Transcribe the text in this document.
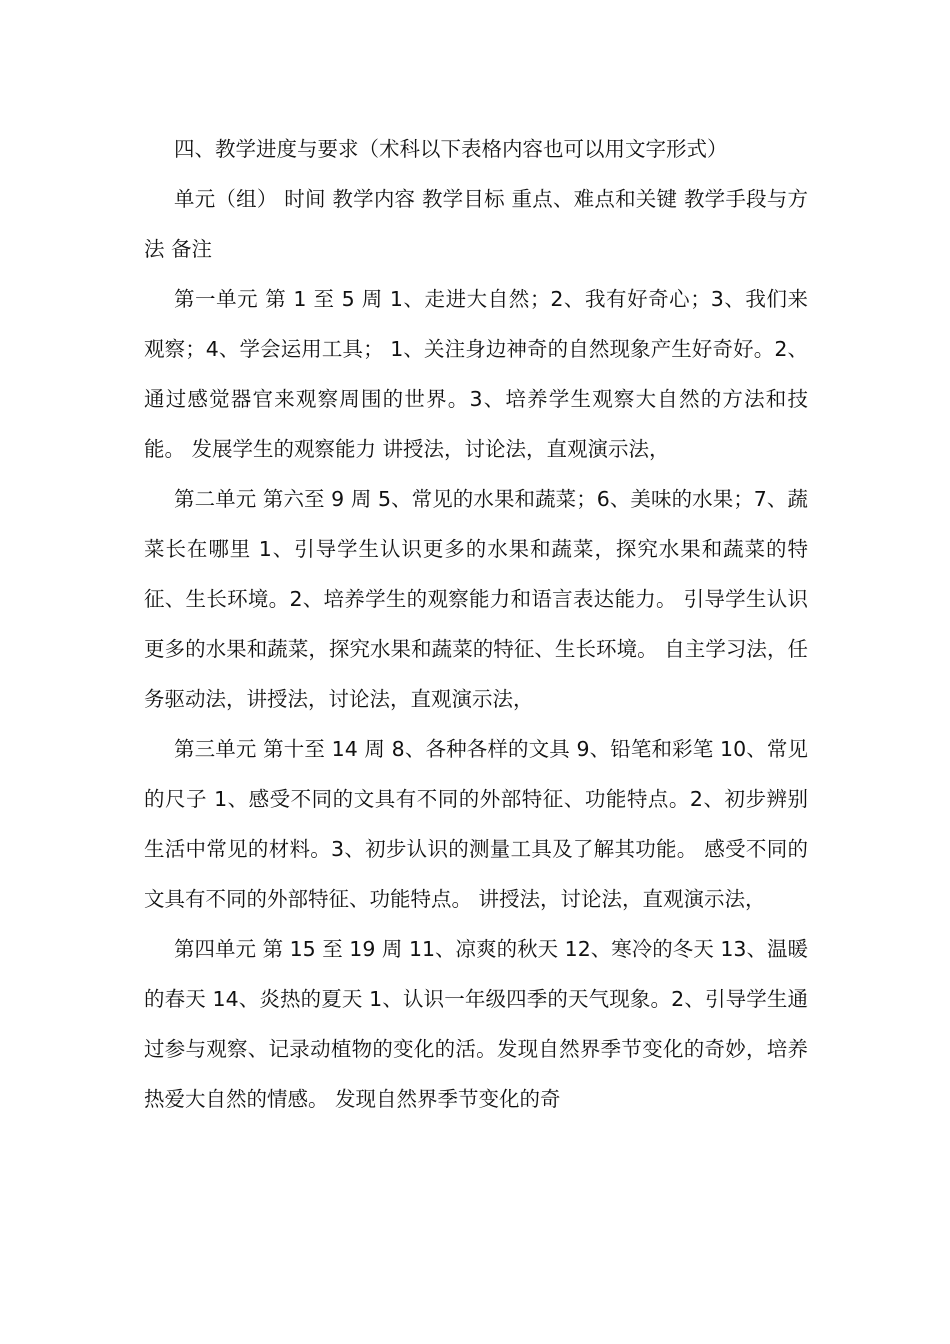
四、教学进度与要求（术科以下表格内容也可以用文字形式）

单元（组） 时间 教学内容 教学目标 重点、难点和关键 教学手段与方法 备注

第一单元 第 1 至 5 周 1、走进大自然；2、我有好奇心；3、我们来观察；4、学会运用工具； 1、关注身边神奇的自然现象产生好奇好。2、通过感觉器官来观察周围的世界。3、培养学生观察大自然的方法和技能。 发展学生的观察能力 讲授法，讨论法，直观演示法，

第二单元 第六至 9 周 5、常见的水果和蔬菜；6、美味的水果；7、蔬菜长在哪里 1、引导学生认识更多的水果和蔬菜，探究水果和蔬菜的特征、生长环境。2、培养学生的观察能力和语言表达能力。 引导学生认识更多的水果和蔬菜，探究水果和蔬菜的特征、生长环境。 自主学习法，任务驱动法，讲授法，讨论法，直观演示法，

第三单元 第十至 14 周 8、各种各样的文具 9、铅笔和彩笔 10、常见的尺子 1、感受不同的文具有不同的外部特征、功能特点。2、初步辨别生活中常见的材料。3、初步认识的测量工具及了解其功能。 感受不同的文具有不同的外部特征、功能特点。 讲授法，讨论法，直观演示法，

第四单元 第 15 至 19 周 11、凉爽的秋天 12、寒冷的冬天 13、温暖的春天 14、炎热的夏天 1、认识一年级四季的天气现象。2、引导学生通过参与观察、记录动植物的变化的活。发现自然界季节变化的奇妙，培养热爱大自然的情感。 发现自然界季节变化的奇
